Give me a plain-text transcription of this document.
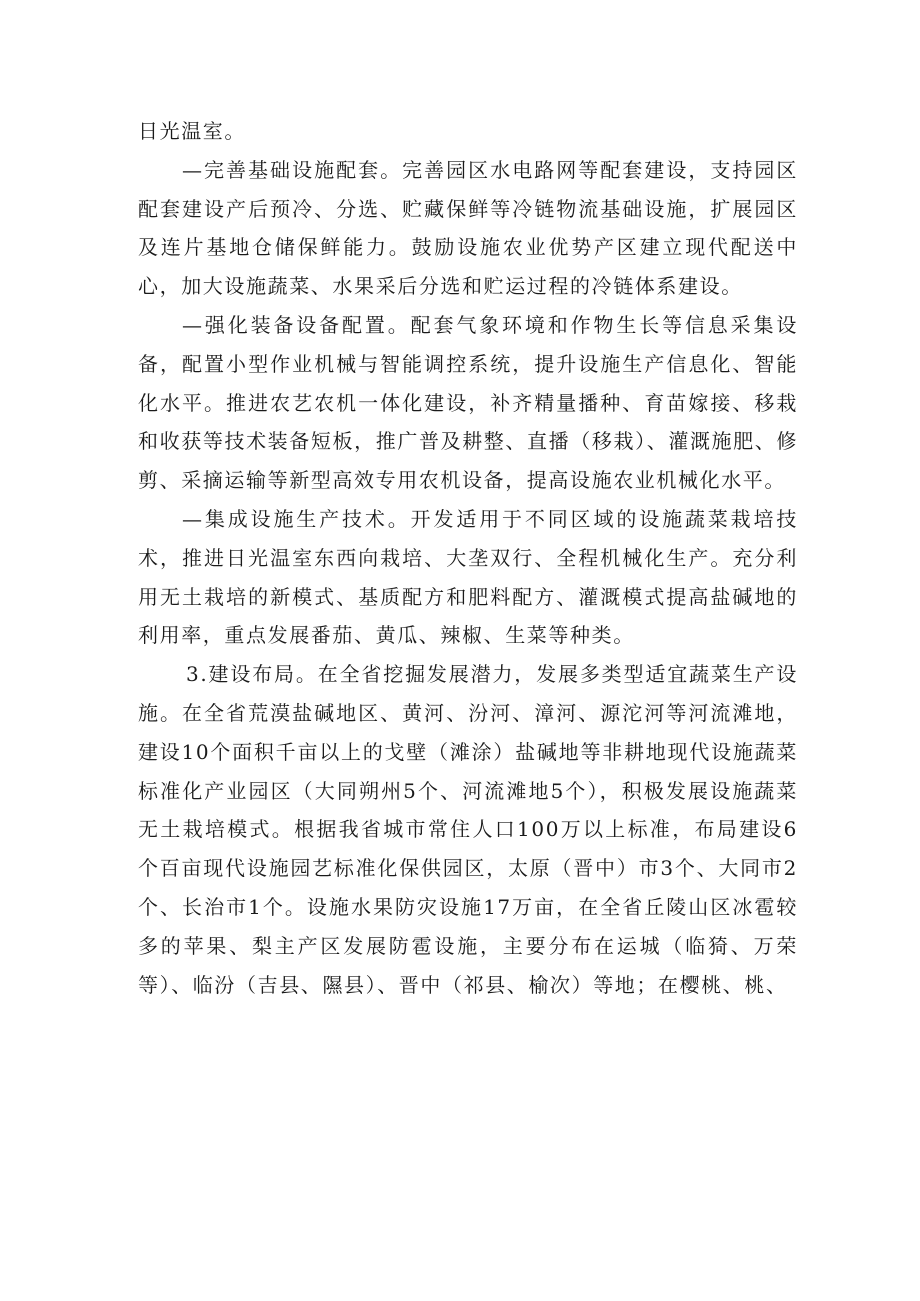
日光温室。

—完善基础设施配套。完善园区水电路网等配套建设，支持园区配套建设产后预冷、分选、贮藏保鲜等冷链物流基础设施，扩展园区及连片基地仓储保鲜能力。鼓励设施农业优势产区建立现代配送中心，加大设施蔬菜、水果采后分选和贮运过程的冷链体系建设。

—强化装备设备配置。配套气象环境和作物生长等信息采集设备，配置小型作业机械与智能调控系统，提升设施生产信息化、智能化水平。推进农艺农机一体化建设，补齐精量播种、育苗嫁接、移栽和收获等技术装备短板，推广普及耕整、直播（移栽）、灌溉施肥、修剪、采摘运输等新型高效专用农机设备，提高设施农业机械化水平。

—集成设施生产技术。开发适用于不同区域的设施蔬菜栽培技术，推进日光温室东西向栽培、大垄双行、全程机械化生产。充分利用无土栽培的新模式、基质配方和肥料配方、灌溉模式提高盐碱地的利用率，重点发展番茄、黄瓜、辣椒、生菜等种类。

3.建设布局。在全省挖掘发展潜力，发展多类型适宜蔬菜生产设施。在全省荒漠盐碱地区、黄河、汾河、漳河、源沱河等河流滩地，建设10个面积千亩以上的戈壁（滩涂）盐碱地等非耕地现代设施蔬菜标准化产业园区（大同朔州5个、河流滩地5个），积极发展设施蔬菜无土栽培模式。根据我省城市常住人口100万以上标准，布局建设6个百亩现代设施园艺标准化保供园区，太原（晋中）市3个、大同市2个、长治市1个。设施水果防灾设施17万亩，在全省丘陵山区冰雹较多的苹果、梨主产区发展防雹设施，主要分布在运城（临猗、万荣等）、临汾（吉县、隰县）、晋中（祁县、榆次）等地；在樱桃、桃、
